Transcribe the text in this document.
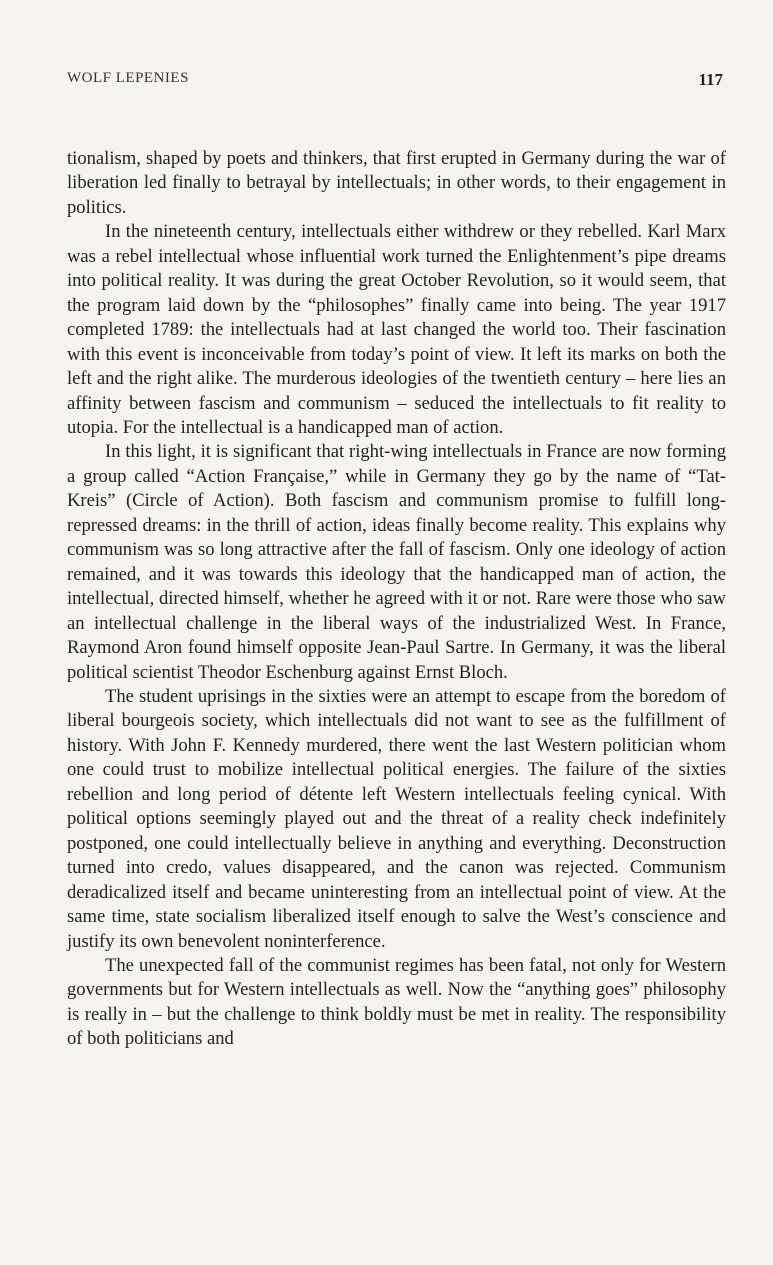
WOLF LEPENIES	117

tionalism, shaped by poets and thinkers, that first erupted in Germany during the war of liberation led finally to betrayal by intellectuals; in other words, to their engagement in politics.

In the nineteenth century, intellectuals either withdrew or they rebelled. Karl Marx was a rebel intellectual whose influential work turned the Enlightenment’s pipe dreams into political reality. It was during the great October Revolution, so it would seem, that the program laid down by the “philosophes” finally came into being. The year 1917 completed 1789: the intellectuals had at last changed the world too. Their fascination with this event is inconceivable from today’s point of view. It left its marks on both the left and the right alike. The murderous ideologies of the twentieth century – here lies an affinity between fascism and communism – seduced the intellectuals to fit reality to utopia. For the intellectual is a handicapped man of action.

In this light, it is significant that right-wing intellectuals in France are now forming a group called “Action Française,” while in Germany they go by the name of “Tat-Kreis” (Circle of Action). Both fascism and communism promise to fulfill long-repressed dreams: in the thrill of action, ideas finally become reality. This explains why communism was so long attractive after the fall of fascism. Only one ideology of action remained, and it was towards this ideology that the handicapped man of action, the intellectual, directed himself, whether he agreed with it or not. Rare were those who saw an intellectual challenge in the liberal ways of the industrialized West. In France, Raymond Aron found himself opposite Jean-Paul Sartre. In Germany, it was the liberal political scientist Theodor Eschenburg against Ernst Bloch.

The student uprisings in the sixties were an attempt to escape from the boredom of liberal bourgeois society, which intellectuals did not want to see as the fulfillment of history. With John F. Kennedy murdered, there went the last Western politician whom one could trust to mobilize intellectual political energies. The failure of the sixties rebellion and long period of détente left Western intellectuals feeling cynical. With political options seemingly played out and the threat of a reality check indefinitely postponed, one could intellectually believe in anything and everything. Deconstruction turned into credo, values disappeared, and the canon was rejected. Communism deradicalized itself and became uninteresting from an intellectual point of view. At the same time, state socialism liberalized itself enough to salve the West’s conscience and justify its own benevolent noninterference.

The unexpected fall of the communist regimes has been fatal, not only for Western governments but for Western intellectuals as well. Now the “anything goes” philosophy is really in – but the challenge to think boldly must be met in reality. The responsibility of both politicians and
